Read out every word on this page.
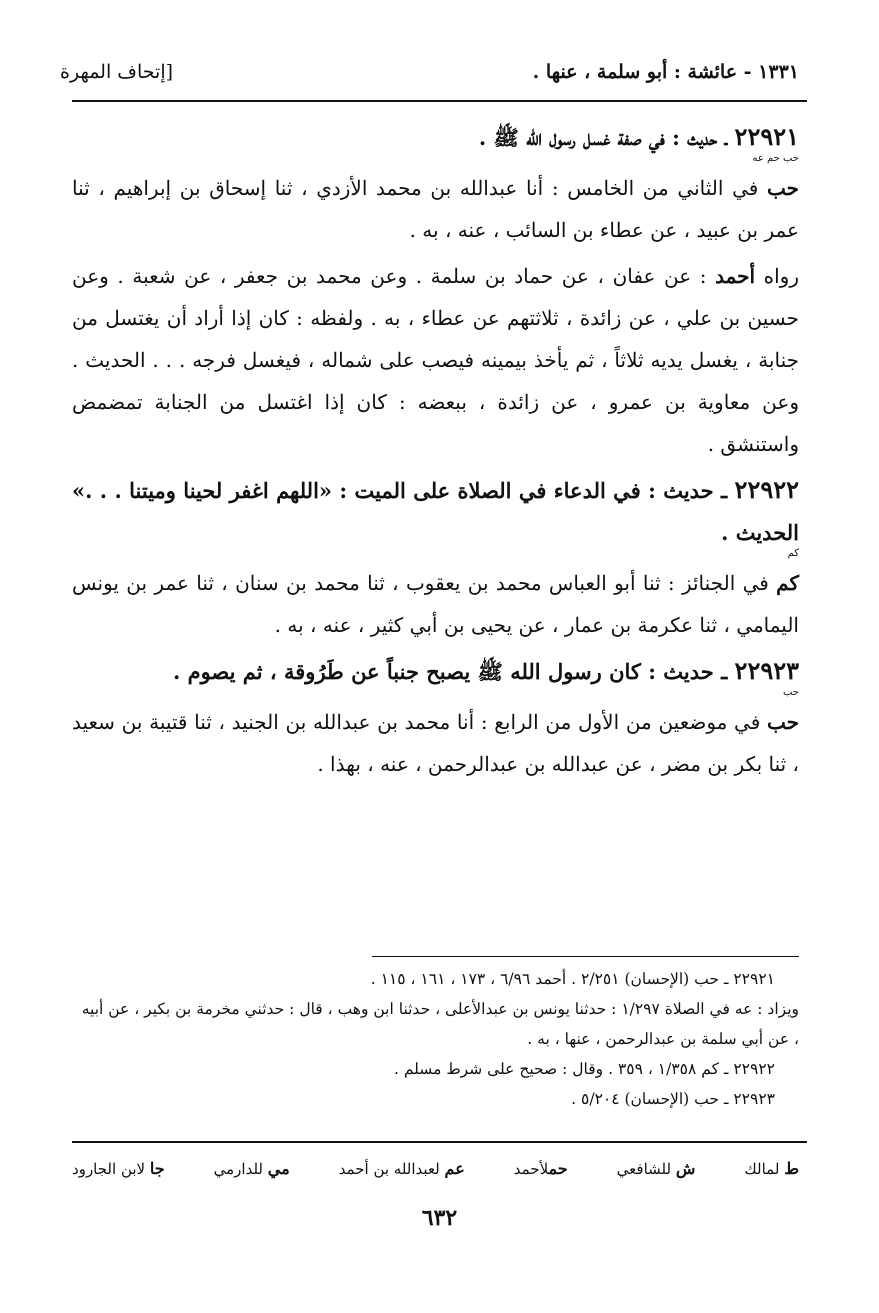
١٣٣١ - عائشة : أبو سلمة ، عنها .
[إتحاف المهرة
٢٢٩٢١ ـ حديث : في صفة غسل رسول الله ﷺ .
حب حم عه

حب في الثاني من الخامس : أنا عبدالله بن محمد الأزدي ، ثنا إسحاق بن إبراهيم ، ثنا عمر بن عبيد ، عن عطاء بن السائب ، عنه ، به .

رواه أحمد : عن عفان ، عن حماد بن سلمة . وعن محمد بن جعفر ، عن شعبة . وعن حسين بن علي ، عن زائدة ، ثلاثتهم عن عطاء ، به . ولفظه : كان إذا أراد أن يغتسل من جنابة ، يغسل يديه ثلاثاً ، ثم يأخذ بيمينه فيصب على شماله ، فيغسل فرجه . . . الحديث . وعن معاوية بن عمرو ، عن زائدة ، ببعضه : كان إذا اغتسل من الجنابة تمضمض واستنشق .

٢٢٩٢٢ ـ حديث : في الدعاء في الصلاة على الميت : «اللهم اغفر لحينا وميتنا . . .» الحديث .
كم

كم في الجنائز : ثنا أبو العباس محمد بن يعقوب ، ثنا محمد بن سنان ، ثنا عمر بن يونس اليمامي ، ثنا عكرمة بن عمار ، عن يحيى بن أبي كثير ، عنه ، به .

٢٢٩٢٣ ـ حديث : كان رسول الله ﷺ يصبح جنباً عن طَرُوقة ، ثم يصوم .
حب

حب في موضعين من الأول من الرابع : أنا محمد بن عبدالله بن الجنيد ، ثنا قتيبة بن سعيد ، ثنا بكر بن مضر ، عن عبدالله بن عبدالرحمن ، عنه ، بهذا .

٢٢٩٢١ ـ حب (الإحسان) ٢/٢٥١ . أحمد ٦/٩٦ ، ١٧٣ ، ١٦١ ، ١١٥ .

ويزاد : عه في الصلاة ١/٢٩٧ : حدثنا يونس بن عبدالأعلى ، حدثنا ابن وهب ، قال : حدثني مخرمة بن بكير ، عن أبيه ، عن أبي سلمة بن عبدالرحمن ، عنها ، به .

٢٢٩٢٢ ـ كم ١/٣٥٨ ، ٣٥٩ . وقال : صحيح على شرط مسلم .

٢٢٩٢٣ ـ حب (الإحسان) ٥/٢٠٤ .

ط لمالك
ش للشافعي
حملأحمد
عم لعبدالله بن أحمد
مي للدارمي
جا لابن الجارود
٦٣٢
